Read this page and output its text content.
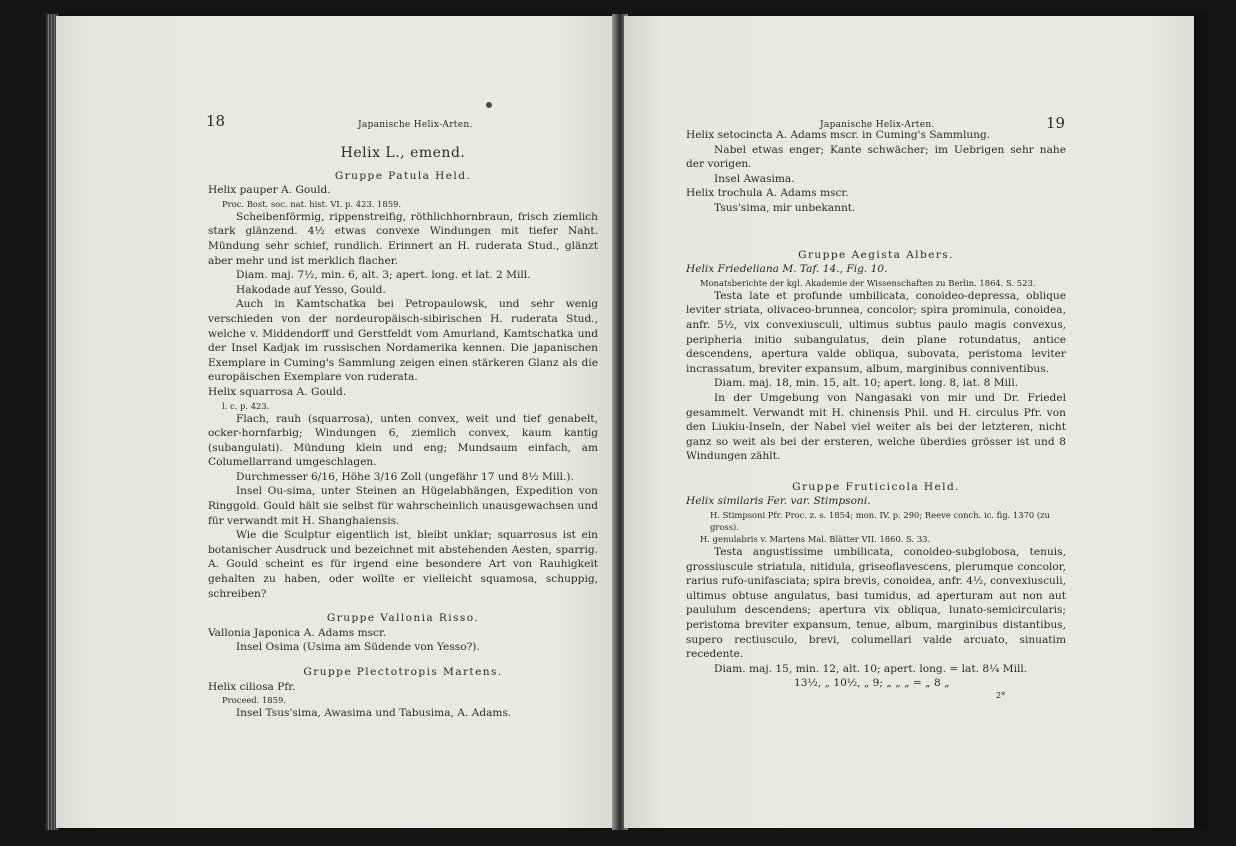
18	Japanische Helix-Arten.

Helix L., emend.

Gruppe Patula Held.

Helix pauper A. Gould.

Proc. Bost. soc. nat. hist. VI. p. 423. 1859.

Scheibenförmig, rippenstreifig, röthlichhornbraun, frisch ziemlich stark glänzend. 4½ etwas convexe Windungen mit tiefer Naht. Mündung sehr schief, rundlich. Erinnert an H. ruderata Stud., glänzt aber mehr und ist merklich flacher.

Diam. maj. 7½, min. 6, alt. 3; apert. long. et lat. 2 Mill.

Hakodade auf Yesso, Gould.

Auch in Kamtschatka bei Petropaulowsk, und sehr wenig verschieden von der nordeuropäisch-sibirischen H. ruderata Stud., welche v. Middendorff und Gerstfeldt vom Amurland, Kamtschatka und der Insel Kadjak im russischen Nordamerika kennen. Die japanischen Exemplare in Cuming's Sammlung zeigen einen stärkeren Glanz als die europäischen Exemplare von ruderata.

Helix squarrosa A. Gould.

l. c. p. 423.

Flach, rauh (squarrosa), unten convex, weit und tief genabelt, ocker-hornfarbig; Windungen 6, ziemlich convex, kaum kantig (subangulati). Mündung klein und eng; Mundsaum einfach, am Columellarrand umgeschlagen.

Durchmesser 6/16, Höhe 3/16 Zoll (ungefähr 17 und 8½ Mill.).

Insel Ou-sima, unter Steinen an Hügelabhängen, Expedition von Ringgold. Gould hält sie selbst für wahrscheinlich unausgewachsen und für verwandt mit H. Shanghaiensis.

Wie die Sculptur eigentlich ist, bleibt unklar; squarrosus ist ein botanischer Ausdruck und bezeichnet mit abstehenden Aesten, sparrig. A. Gould scheint es für irgend eine besondere Art von Rauhigkeit gehalten zu haben, oder wollte er vielleicht squamosa, schuppig, schreiben?

Gruppe Vallonia Risso.

Vallonia Japonica A. Adams mscr.

Insel Osima (Usima am Südende von Yesso?).

Gruppe Plectotropis Martens.

Helix ciliosa Pfr.

Proceed. 1859.

Insel Tsus'sima, Awasima und Tabusima, A. Adams.

Japanische Helix-Arten.	19

Helix setocincta A. Adams mscr. in Cuming's Sammlung.

Nabel etwas enger; Kante schwächer; im Uebrigen sehr nahe der vorigen.

Insel Awasima.

Helix trochula A. Adams mscr.

Tsus'sima, mir unbekannt.

Gruppe Aegista Albers.

Helix Friedeliana M. Taf. 14., Fig. 10.

Monatsberichte der kgl. Akademie der Wissenschaften zu Berlin. 1864. S. 523.

Testa late et profunde umbilicata, conoideo-depressa, oblique leviter striata, olivaceo-brunnea, concolor; spira prominula, conoidea, anfr. 5½, vix convexiusculi, ultimus subtus paulo magis convexus, peripheria initio subangulatus, dein plane rotundatus, antice descendens, apertura valde obliqua, subovata, peristoma leviter incrassatum, breviter expansum, album, marginibus conniventibus.

Diam. maj. 18, min. 15, alt. 10; apert. long. 8, lat. 8 Mill.

In der Umgebung von Nangasaki von mir und Dr. Friedel gesammelt. Verwandt mit H. chinensis Phil. und H. circulus Pfr. von den Liukiu-Inseln, der Nabel viel weiter als bei der letzteren, nicht ganz so weit als bei der ersteren, welche überdies grösser ist und 8 Windungen zählt.

Gruppe Fruticicola Held.

Helix similaris Fer. var. Stimpsoni.

H. Stimpsoni Pfr. Proc. z. s. 1854; mon. IV. p. 290; Reeve conch. ic. fig. 1370 (zu gross).

H. genulabris v. Martens Mal. Blätter VII. 1860. S. 33.

Testa angustissime umbilicata, conoideo-subglobosa, tenuis, grossiuscule striatula, nitidula, griseoflavescens, plerumque concolor, rarius rufo-unifasciata; spira brevis, conoidea, anfr. 4½, convexiusculi, ultimus obtuse angulatus, basi tumidus, ad aperturam aut non aut paululum descendens; apertura vix obliqua, lunato-semicircularis; peristoma breviter expansum, tenue, album, marginibus distantibus, supero rectiusculo, brevi, columellari valde arcuato, sinuatim recedente.

Diam. maj. 15, min. 12, alt. 10; apert. long. = lat. 8¼ Mill.

13½, „ 10½, „ 9; „ „ „ = „ 8 „

2*
